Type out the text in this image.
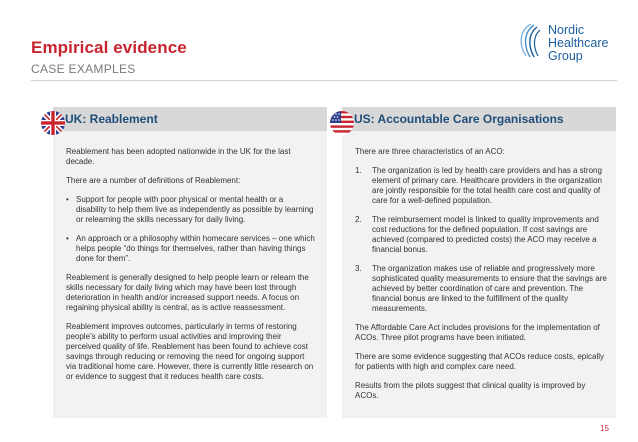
Empirical evidence
CASE EXAMPLES
Nordic
Healthcare
Group
UK: Reablement

Reablement has been adopted nationwide in the UK for the last decade.

There are a number of definitions of Reablement:

• Support for people with poor physical or mental health or a disability to help them live as independently as possible by learning or relearning the skills necessary for daily living.
• An approach or a philosophy within homecare services – one which helps people “do things for themselves, rather than having things done for them”.

Reablement is generally designed to help people learn or relearn the skills necessary for daily living which may have been lost through deterioration in health and/or increased support needs. A focus on regaining physical ability is central, as is active reassessment.

Reablement improves outcomes, particularly in terms of restoring people’s ability to perform usual activities and improving their perceived quality of life. Reablement has been found to achieve cost savings through reducing or removing the need for ongoing support via traditional home care. However, there is currently little research on or evidence to suggest that it reduces health care costs.

US: Accountable Care Organisations

There are three characteristics of an ACO:

1. The organization is led by health care providers and has a strong element of primary care. Healthcare providers in the organization are jointly responsible for the total health care cost and quality of care for a well-defined population.
2. The reimbursement model is linked to quality improvements and cost reductions for the defined population. If cost savings are achieved (compared to predicted costs) the ACO may receive a financial bonus.
3. The organization makes use of reliable and progressively more sophisticated quality measurements to ensure that the savings are achieved by better coordination of care and prevention. The financial bonus are linked to the fulfillment of the quality measurements.

The Affordable Care Act includes provisions for the implementation of ACOs. Three pilot programs have been initiated.

There are some evidence suggesting that ACOs reduce costs, epically for patients with high and complex care need.

Results from the pilots suggest that clinical quality is improved by ACOs.

15
